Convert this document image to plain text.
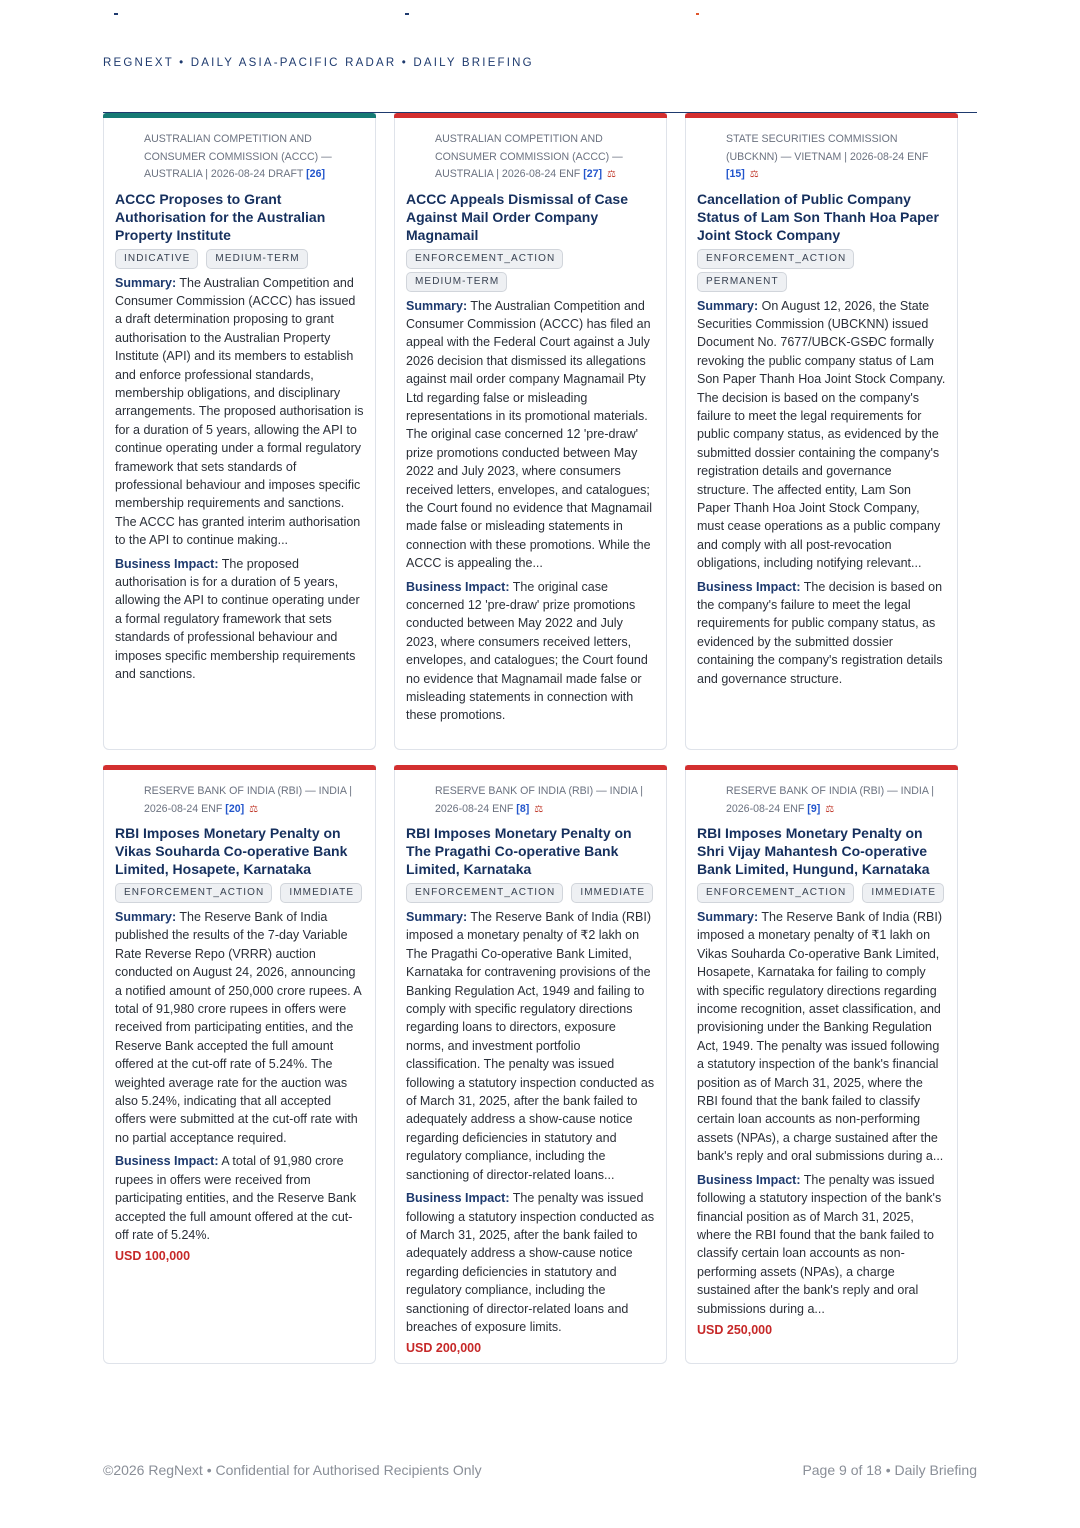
REGNEXT • DAILY ASIA-PACIFIC RADAR • DAILY BRIEFING
AUSTRALIAN COMPETITION AND CONSUMER COMMISSION (ACCC) — AUSTRALIA | 2026-08-24 DRAFT [26]
ACCC Proposes to Grant Authorisation for the Australian Property Institute
INDICATIVE	MEDIUM-TERM
Summary: The Australian Competition and Consumer Commission (ACCC) has issued a draft determination proposing to grant authorisation to the Australian Property Institute (API) and its members to establish and enforce professional standards, membership obligations, and disciplinary arrangements. The proposed authorisation is for a duration of 5 years, allowing the API to continue operating under a formal regulatory framework that sets standards of professional behaviour and imposes specific membership requirements and sanctions. The ACCC has granted interim authorisation to the API to continue making...
Business Impact: The proposed authorisation is for a duration of 5 years, allowing the API to continue operating under a formal regulatory framework that sets standards of professional behaviour and imposes specific membership requirements and sanctions.
AUSTRALIAN COMPETITION AND CONSUMER COMMISSION (ACCC) — AUSTRALIA | 2026-08-24 ENF [27] ⚖
ACCC Appeals Dismissal of Case Against Mail Order Company Magnamail
ENFORCEMENT_ACTION
MEDIUM-TERM
Summary: The Australian Competition and Consumer Commission (ACCC) has filed an appeal with the Federal Court against a July 2026 decision that dismissed its allegations against mail order company Magnamail Pty Ltd regarding false or misleading representations in its promotional materials. The original case concerned 12 'pre-draw' prize promotions conducted between May 2022 and July 2023, where consumers received letters, envelopes, and catalogues; the Court found no evidence that Magnamail made false or misleading statements in connection with these promotions. While the ACCC is appealing the...
Business Impact: The original case concerned 12 'pre-draw' prize promotions conducted between May 2022 and July 2023, where consumers received letters, envelopes, and catalogues; the Court found no evidence that Magnamail made false or misleading statements in connection with these promotions.
STATE SECURITIES COMMISSION (UBCKNN) — VIETNAM | 2026-08-24 ENF [15] ⚖
Cancellation of Public Company Status of Lam Son Thanh Hoa Paper Joint Stock Company
ENFORCEMENT_ACTION
PERMANENT
Summary: On August 12, 2026, the State Securities Commission (UBCKNN) issued Document No. 7677/UBCK-GSĐC formally revoking the public company status of Lam Son Paper Thanh Hoa Joint Stock Company. The decision is based on the company's failure to meet the legal requirements for public company status, as evidenced by the submitted dossier containing the company's registration details and governance structure. The affected entity, Lam Son Paper Thanh Hoa Joint Stock Company, must cease operations as a public company and comply with all post-revocation obligations, including notifying relevant...
Business Impact: The decision is based on the company's failure to meet the legal requirements for public company status, as evidenced by the submitted dossier containing the company's registration details and governance structure.
RESERVE BANK OF INDIA (RBI) — INDIA | 2026-08-24 ENF [20] ⚖
RBI Imposes Monetary Penalty on Vikas Souharda Co-operative Bank Limited, Hosapete, Karnataka
ENFORCEMENT_ACTION	IMMEDIATE
Summary: The Reserve Bank of India published the results of the 7-day Variable Rate Reverse Repo (VRRR) auction conducted on August 24, 2026, announcing a notified amount of 250,000 crore rupees. A total of 91,980 crore rupees in offers were received from participating entities, and the Reserve Bank accepted the full amount offered at the cut-off rate of 5.24%. The weighted average rate for the auction was also 5.24%, indicating that all accepted offers were submitted at the cut-off rate with no partial acceptance required.
Business Impact: A total of 91,980 crore rupees in offers were received from participating entities, and the Reserve Bank accepted the full amount offered at the cut-off rate of 5.24%.
USD 100,000
RESERVE BANK OF INDIA (RBI) — INDIA | 2026-08-24 ENF [8] ⚖
RBI Imposes Monetary Penalty on The Pragathi Co-operative Bank Limited, Karnataka
ENFORCEMENT_ACTION	IMMEDIATE
Summary: The Reserve Bank of India (RBI) imposed a monetary penalty of ₹2 lakh on The Pragathi Co-operative Bank Limited, Karnataka for contravening provisions of the Banking Regulation Act, 1949 and failing to comply with specific regulatory directions regarding loans to directors, exposure norms, and investment portfolio classification. The penalty was issued following a statutory inspection conducted as of March 31, 2025, after the bank failed to adequately address a show-cause notice regarding deficiencies in statutory and regulatory compliance, including the sanctioning of director-related loans...
Business Impact: The penalty was issued following a statutory inspection conducted as of March 31, 2025, after the bank failed to adequately address a show-cause notice regarding deficiencies in statutory and regulatory compliance, including the sanctioning of director-related loans and breaches of exposure limits.
USD 200,000
RESERVE BANK OF INDIA (RBI) — INDIA | 2026-08-24 ENF [9] ⚖
RBI Imposes Monetary Penalty on Shri Vijay Mahantesh Co-operative Bank Limited, Hungund, Karnataka
ENFORCEMENT_ACTION	IMMEDIATE
Summary: The Reserve Bank of India (RBI) imposed a monetary penalty of ₹1 lakh on Vikas Souharda Co-operative Bank Limited, Hosapete, Karnataka for failing to comply with specific regulatory directions regarding income recognition, asset classification, and provisioning under the Banking Regulation Act, 1949. The penalty was issued following a statutory inspection of the bank's financial position as of March 31, 2025, where the RBI found that the bank failed to classify certain loan accounts as non-performing assets (NPAs), a charge sustained after the bank's reply and oral submissions during a...
Business Impact: The penalty was issued following a statutory inspection of the bank's financial position as of March 31, 2025, where the RBI found that the bank failed to classify certain loan accounts as non-performing assets (NPAs), a charge sustained after the bank's reply and oral submissions during a...
USD 250,000
©2026 RegNext • Confidential for Authorised Recipients Only	Page 9 of 18 • Daily Briefing
